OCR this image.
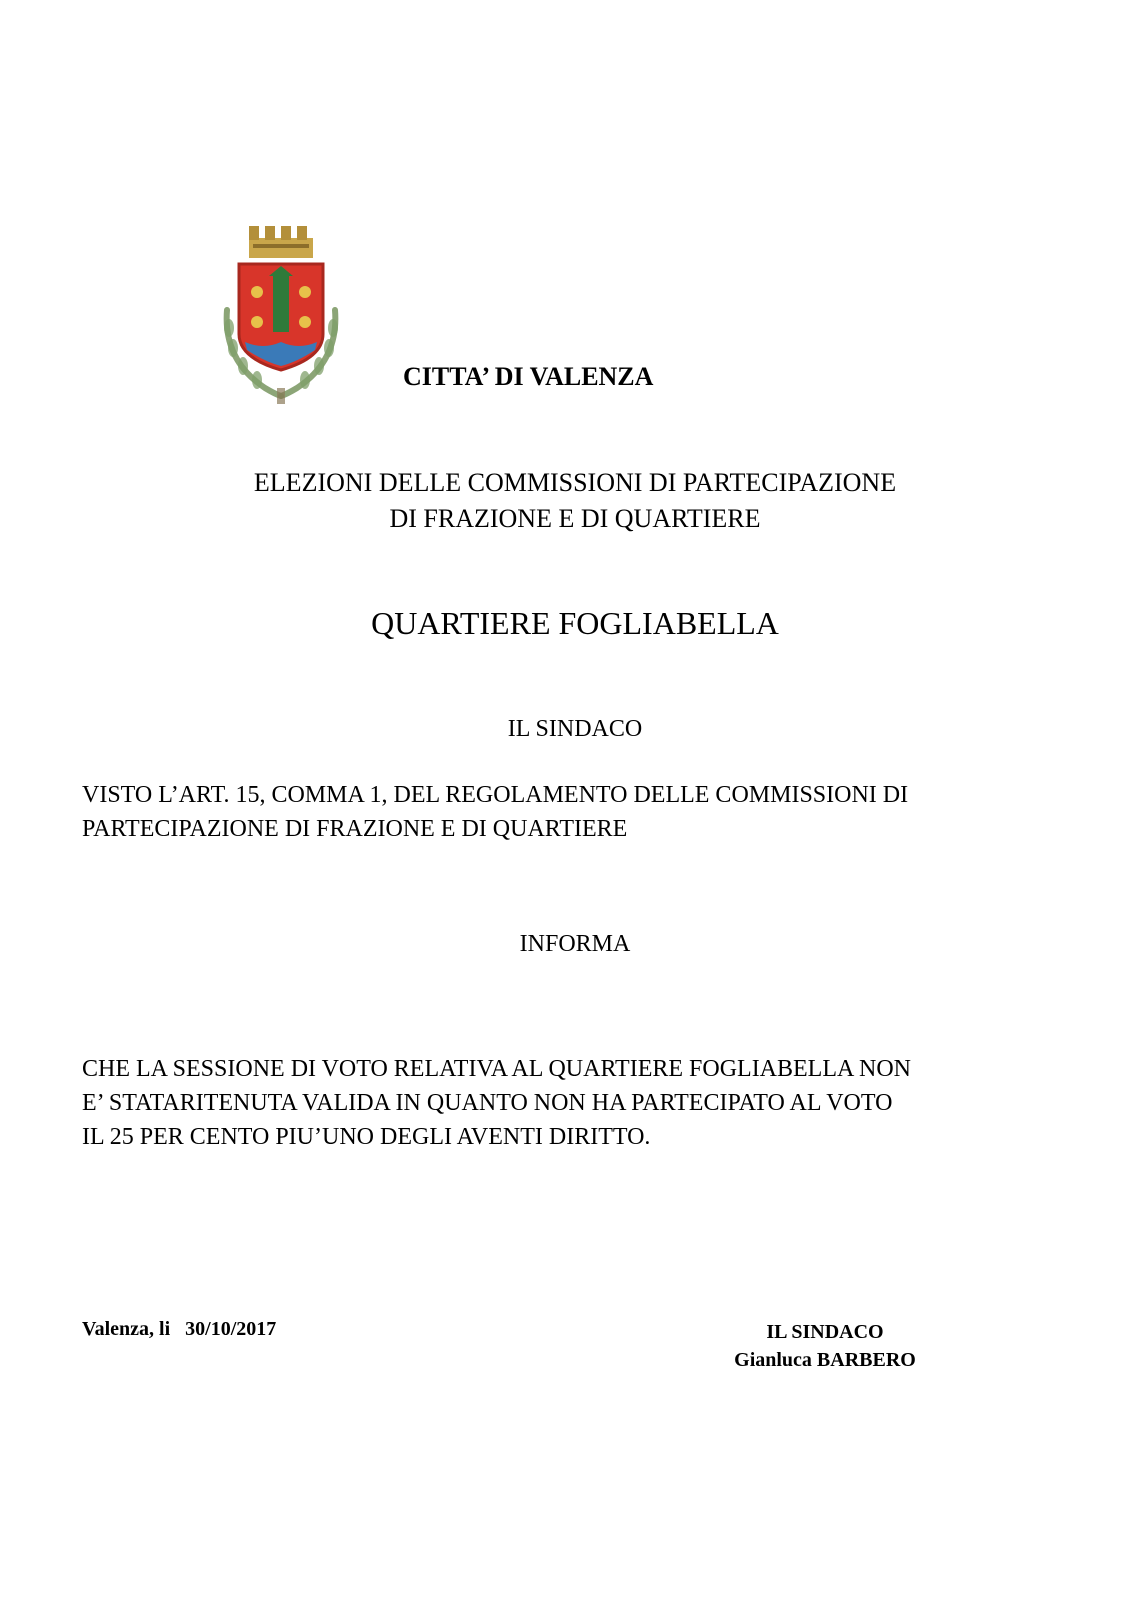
CITTA’ DI VALENZA
ELEZIONI DELLE COMMISSIONI DI PARTECIPAZIONE
DI FRAZIONE E DI QUARTIERE
QUARTIERE FOGLIABELLA
IL SINDACO
VISTO L’ART. 15, COMMA 1, DEL REGOLAMENTO DELLE COMMISSIONI DI
PARTECIPAZIONE DI FRAZIONE E DI QUARTIERE
INFORMA
CHE LA SESSIONE DI VOTO RELATIVA AL QUARTIERE FOGLIABELLA NON
E’ STATARITENUTA VALIDA IN QUANTO NON HA PARTECIPATO AL VOTO
IL 25 PER CENTO PIU’UNO DEGLI AVENTI DIRITTO.
Valenza, li   30/10/2017	IL SINDACO
Gianluca BARBERO
